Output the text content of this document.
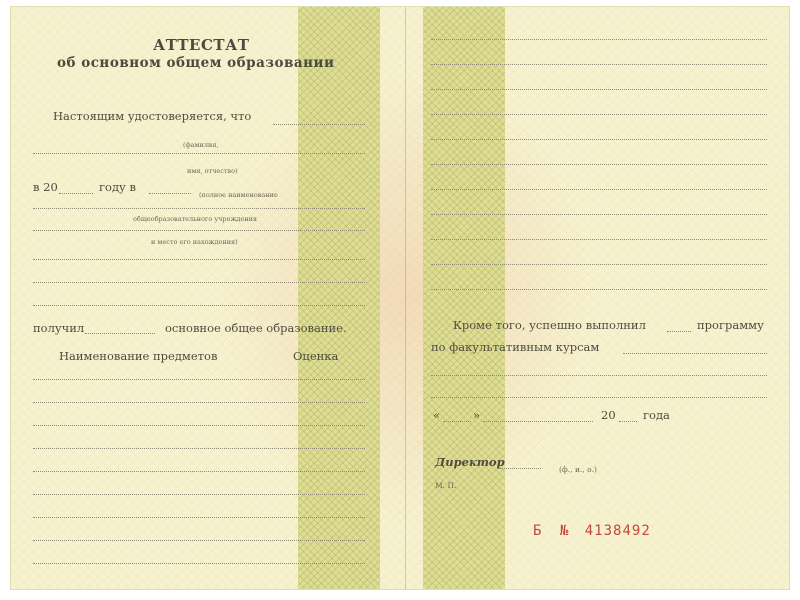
АТТЕСТАТ
об основном общем образовании
Настоящим удостоверяется, что
(фамилия,
имя, отчество)
в 20	году в
(полное наименование
общеобразовательного учреждения
и место его нахождения)
получил	основное общее образование.
Наименование предметов	Оценка
Кроме того, успешно выполнил	программу
по факультативным курсам
«	»	20 года
Директор
(ф., и., о.)
М. П.
Б № 4138492
